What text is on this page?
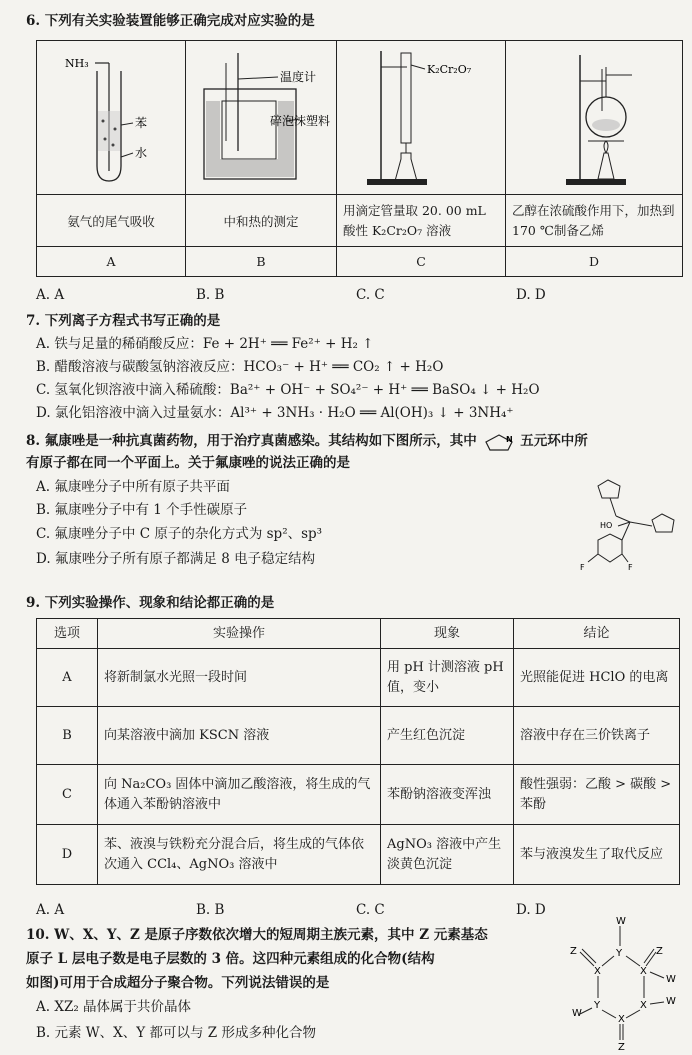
6. 下列有关实验装置能够正确完成对应实验的是
NH₃
苯
水	温度计
碎泡沫塑料	K₂Cr₂O₇

氨气的尾气吸收	中和热的测定	用滴定管量取 20. 00 mL 酸性 K₂Cr₂O₇ 溶液	乙醇在浓硫酸作用下，加热到170 ℃制备乙烯
A	B	C	D
A. A	B. B	C. C	D. D
7. 下列离子方程式书写正确的是
A. 铁与足量的稀硝酸反应：Fe + 2H⁺ ══ Fe²⁺ + H₂ ↑
B. 醋酸溶液与碳酸氢钠溶液反应：HCO₃⁻ + H⁺ ══ CO₂ ↑ + H₂O
C. 氢氧化钡溶液中滴入稀硫酸：Ba²⁺ + OH⁻ + SO₄²⁻ + H⁺ ══ BaSO₄ ↓ + H₂O
D. 氯化铝溶液中滴入过量氨水：Al³⁺ + 3NH₃ · H₂O ══ Al(OH)₃ ↓ + 3NH₄⁺
8. 氟康唑是一种抗真菌药物，用于治疗真菌感染。其结构如下图所示，其中	N 五元环中所
有原子都在同一个平面上。关于氟康唑的说法正确的是
A. 氟康唑分子中所有原子共平面
B. 氟康唑分子中有 1 个手性碳原子
C. 氟康唑分子中 C 原子的杂化方式为 sp²、sp³
D. 氟康唑分子所有原子都满足 8 电子稳定结构
HO
F	F
9. 下列实验操作、现象和结论都正确的是
选项	实验操作	现象	结论
A	将新制氯水光照一段时间	用 pH 计测溶液 pH 值，变小	光照能促进 HClO 的电离
B	向某溶液中滴加 KSCN 溶液	产生红色沉淀	溶液中存在三价铁离子
C	向 Na₂CO₃ 固体中滴加乙酸溶液，将生成的气体通入苯酚钠溶液中	苯酚钠溶液变浑浊	酸性强弱：乙酸 > 碳酸 > 苯酚
D	苯、液溴与铁粉充分混合后，将生成的气体依次通入 CCl₄、AgNO₃ 溶液中	AgNO₃ 溶液中产生淡黄色沉淀	苯与液溴发生了取代反应
A. A	B. B	C. C	D. D
10. W、X、Y、Z 是原子序数依次增大的短周期主族元素，其中 Z 元素基态
原子 L 层电子数是电子层数的 3 倍。这四种元素组成的化合物(结构
如图)可用于合成超分子聚合物。下列说法错误的是
A. XZ₂ 晶体属于共价晶体
B. 元素 W、X、Y 都可以与 Z 形成多种化合物
W
Y
Z
X
Z
X
W
Y	X W
W
X
Z
